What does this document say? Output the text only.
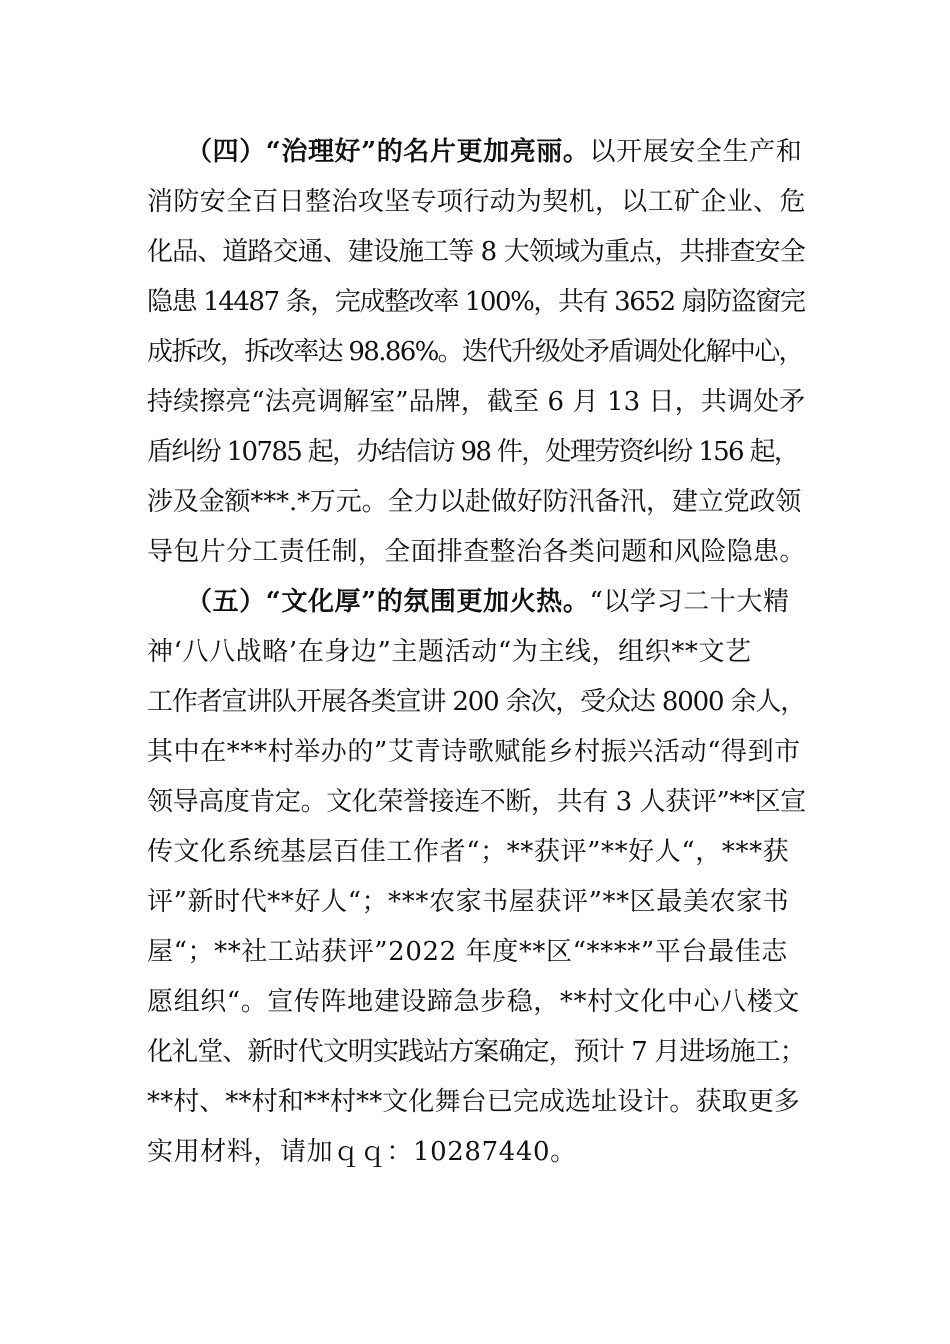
（四）“治理好”的名片更加亮丽。以开展安全生产和
消防安全百日整治攻坚专项行动为契机，以工矿企业、危
化品、道路交通、建设施工等 8 大领域为重点，共排查安全
隐患 14487 条，完成整改率 100%，共有 3652 扇防盗窗完
成拆改，拆改率达 98.86%。迭代升级处矛盾调处化解中心，
持续擦亮“法亮调解室”品牌，截至 6 月 13 日，共调处矛
盾纠纷 10785 起，办结信访 98 件，处理劳资纠纷 156 起，
涉及金额***.*万元。全力以赴做好防汛备汛，建立党政领
导包片分工责任制，全面排查整治各类问题和风险隐患。
（五）“文化厚”的氛围更加火热。“以学习二十大精
神‘八八战略’在身边”主题活动“为主线，组织**文艺
工作者宣讲队开展各类宣讲 200 余次，受众达 8000 余人，
其中在***村举办的”艾青诗歌赋能乡村振兴活动“得到市
领导高度肯定。文化荣誉接连不断，共有 3 人获评”**区宣
传文化系统基层百佳工作者“；**获评”**好人“，***获
评”新时代**好人“；***农家书屋获评”**区最美农家书
屋“；**社工站获评”2022 年度**区“****”平台最佳志
愿组织“。宣传阵地建设蹄急步稳，**村文化中心八楼文
化礼堂、新时代文明实践站方案确定，预计 7 月进场施工；
**村、**村和**村**文化舞台已完成选址设计。获取更多
实用材料，请加ｑｑ：10287440。
